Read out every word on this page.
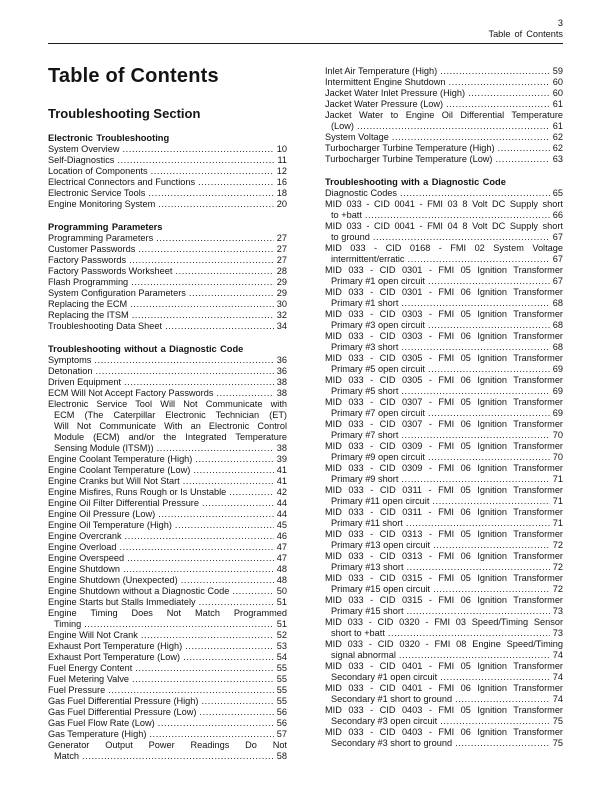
3
Table of Contents
Table of Contents
Troubleshooting Section
Electronic Troubleshooting
System Overview .....	10
Self-Diagnostics .....	11
Location of Components .....	12
Electrical Connectors and Functions .....	16
Electronic Service Tools .....	18
Engine Monitoring System .....	20
Programming Parameters
Programming Parameters .....	27
Customer Passwords .....	27
Factory Passwords .....	27
Factory Passwords Worksheet .....	28
Flash Programming .....	29
System Configuration Parameters .....	29
Replacing the ECM .....	30
Replacing the ITSM .....	32
Troubleshooting Data Sheet .....	34
Troubleshooting without a Diagnostic Code
Symptoms .....	36
Detonation .....	36
Driven Equipment .....	38
ECM Will Not Accept Factory Passwords .....	38
Electronic Service Tool Will Not Communicate with
ECM (The Caterpillar Electronic Technician (ET)
Will Not Communicate With an Electronic Control
Module (ECM) and/or the Integrated Temperature
Sensing Module (ITSM)) .....	38
Engine Coolant Temperature (High) .....	39
Engine Coolant Temperature (Low) .....	41
Engine Cranks but Will Not Start .....	41
Engine Misfires, Runs Rough or Is Unstable .....	42
Engine Oil Filter Differential Pressure .....	44
Engine Oil Pressure (Low) .....	44
Engine Oil Temperature (High) .....	45
Engine Overcrank .....	46
Engine Overload .....	47
Engine Overspeed .....	47
Engine Shutdown .....	48
Engine Shutdown (Unexpected) .....	48
Engine Shutdown without a Diagnostic Code .....	50
Engine Starts but Stalls Immediately .....	51
Engine Timing Does Not Match Programmed
Timing .....	51
Engine Will Not Crank .....	52
Exhaust Port Temperature (High) .....	53
Exhaust Port Temperature (Low) .....	54
Fuel Energy Content .....	55
Fuel Metering Valve .....	55
Fuel Pressure .....	55
Gas Fuel Differential Pressure (High) .....	55
Gas Fuel Differential Pressure (Low) .....	56
Gas Fuel Flow Rate (Low) .....	56
Gas Temperature (High) .....	57
Generator Output Power Readings Do Not
Match .....	58
Inlet Air Temperature (High) .....	59
Intermittent Engine Shutdown .....	60
Jacket Water Inlet Pressure (High) .....	60
Jacket Water Pressure (Low) .....	61
Jacket Water to Engine Oil Differential Temperature
(Low) .....	61
System Voltage .....	62
Turbocharger Turbine Temperature (High) .....	62
Turbocharger Turbine Temperature (Low) .....	63
Troubleshooting with a Diagnostic Code
Diagnostic Codes .....	65
MID 033 - CID 0041 - FMI 03 8 Volt DC Supply short
to +batt .....	66
MID 033 - CID 0041 - FMI 04 8 Volt DC Supply short
to ground .....	67
MID 033 - CID 0168 - FMI 02 System Voltage
intermittent/erratic .....	67
MID 033 - CID 0301 - FMI 05 Ignition Transformer
Primary #1 open circuit .....	67
MID 033 - CID 0301 - FMI 06 Ignition Transformer
Primary #1 short .....	68
MID 033 - CID 0303 - FMI 05 Ignition Transformer
Primary #3 open circuit .....	68
MID 033 - CID 0303 - FMI 06 Ignition Transformer
Primary #3 short .....	68
MID 033 - CID 0305 - FMI 05 Ignition Transformer
Primary #5 open circuit .....	69
MID 033 - CID 0305 - FMI 06 Ignition Transformer
Primary #5 short .....	69
MID 033 - CID 0307 - FMI 05 Ignition Transformer
Primary #7 open circuit .....	69
MID 033 - CID 0307 - FMI 06 Ignition Transformer
Primary #7 short .....	70
MID 033 - CID 0309 - FMI 05 Ignition Transformer
Primary #9 open circuit .....	70
MID 033 - CID 0309 - FMI 06 Ignition Transformer
Primary #9 short .....	71
MID 033 - CID 0311 - FMI 05 Ignition Transformer
Primary #11 open circuit .....	71
MID 033 - CID 0311 - FMI 06 Ignition Transformer
Primary #11 short .....	71
MID 033 - CID 0313 - FMI 05 Ignition Transformer
Primary #13 open circuit .....	72
MID 033 - CID 0313 - FMI 06 Ignition Transformer
Primary #13 short .....	72
MID 033 - CID 0315 - FMI 05 Ignition Transformer
Primary #15 open circuit .....	72
MID 033 - CID 0315 - FMI 06 Ignition Transformer
Primary #15 short .....	73
MID 033 - CID 0320 - FMI 03 Speed/Timing Sensor
short to +batt .....	73
MID 033 - CID 0320 - FMI 08 Engine Speed/Timing
signal abnormal .....	74
MID 033 - CID 0401 - FMI 05 Ignition Transformer
Secondary #1 open circuit .....	74
MID 033 - CID 0401 - FMI 06 Ignition Transformer
Secondary #1 short to ground .....	74
MID 033 - CID 0403 - FMI 05 Ignition Transformer
Secondary #3 open circuit .....	75
MID 033 - CID 0403 - FMI 06 Ignition Transformer
Secondary #3 short to ground .....	75
